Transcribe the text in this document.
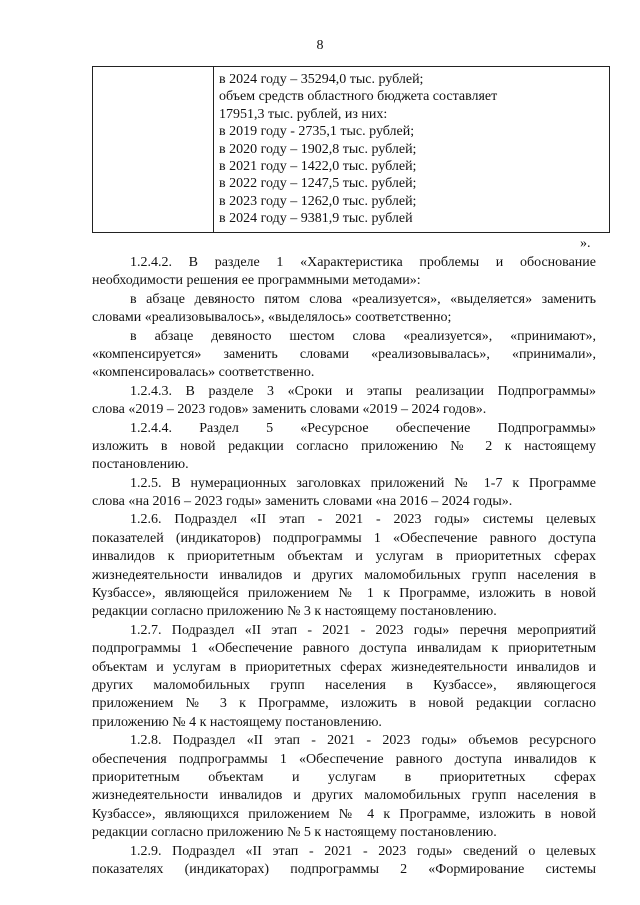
8
в 2024 году – 35294,0 тыс. рублей;
объем средств областного бюджета составляет
17951,3 тыс. рублей, из них:
в 2019 году - 2735,1 тыс. рублей;
в 2020 году – 1902,8 тыс. рублей;
в 2021 году – 1422,0 тыс. рублей;
в 2022 году – 1247,5 тыс. рублей;
в 2023 году – 1262,0 тыс. рублей;
в 2024 году – 9381,9 тыс. рублей
».
1.2.4.2. В разделе 1 «Характеристика проблемы и обоснование
необходимости решения ее программными методами»:
в абзаце девяносто пятом слова «реализуется», «выделяется» заменить
словами «реализовывалось», «выделялось» соответственно;
в абзаце девяносто шестом слова «реализуется», «принимают»,
«компенсируется» заменить словами «реализовывалась», «принимали»,
«компенсировалась» соответственно.
1.2.4.3. В разделе 3 «Сроки и этапы реализации Подпрограммы»
слова «2019 – 2023 годов» заменить словами «2019 – 2024 годов».
1.2.4.4. Раздел 5 «Ресурсное обеспечение Подпрограммы»
изложить в новой редакции согласно приложению № 2 к настоящему
постановлению.
1.2.5. В нумерационных заголовках приложений № 1-7 к Программе
слова «на 2016 – 2023 годы» заменить словами «на 2016 – 2024 годы».
1.2.6. Подраздел «II этап - 2021 - 2023 годы» системы целевых
показателей (индикаторов) подпрограммы 1 «Обеспечение равного доступа
инвалидов к приоритетным объектам и услугам в приоритетных сферах
жизнедеятельности инвалидов и других маломобильных групп населения в
Кузбассе», являющейся приложением № 1 к Программе, изложить в новой
редакции согласно приложению № 3 к настоящему постановлению.
1.2.7. Подраздел «II этап - 2021 - 2023 годы» перечня мероприятий
подпрограммы 1 «Обеспечение равного доступа инвалидам к приоритетным
объектам и услугам в приоритетных сферах жизнедеятельности инвалидов и
других маломобильных групп населения в Кузбассе», являющегося
приложением № 3 к Программе, изложить в новой редакции согласно
приложению № 4 к настоящему постановлению.
1.2.8. Подраздел «II этап - 2021 - 2023 годы» объемов ресурсного
обеспечения подпрограммы 1 «Обеспечение равного доступа инвалидов к
приоритетным объектам и услугам в приоритетных сферах
жизнедеятельности инвалидов и других маломобильных групп населения в
Кузбассе», являющихся приложением № 4 к Программе, изложить в новой
редакции согласно приложению № 5 к настоящему постановлению.
1.2.9. Подраздел «II этап - 2021 - 2023 годы» сведений о целевых
показателях (индикаторах) подпрограммы 2 «Формирование системы
